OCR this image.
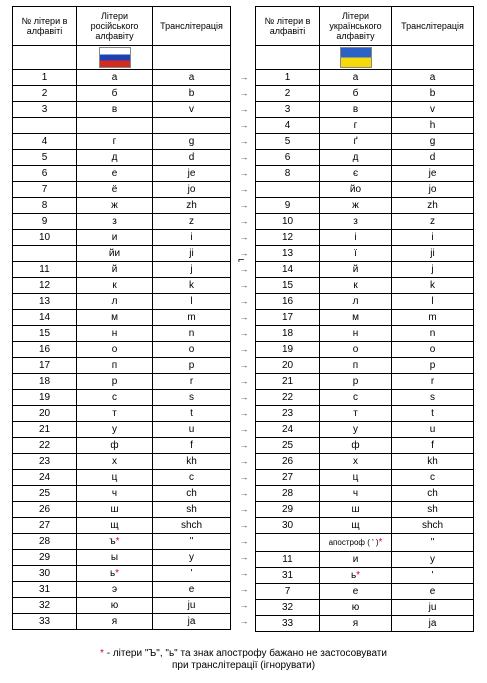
№ літери в алфавіті	Літери російського алфавіту	Транслітерація

1	а	a
2	б	b
3	в	v

4	г	g
5	д	d
6	е	je
7	ё	jo
8	ж	zh
9	з	z
10	и	i
	йи	ji
11	й	j
12	к	k
13	л	l
14	м	m
15	н	n
16	о	o
17	п	p
18	р	r
19	с	s
20	т	t
21	у	u
22	ф	f
23	х	kh
24	ц	c
25	ч	ch
26	ш	sh
27	щ	shch
28	ъ*	"
29	ы	y
30	ь*	'
31	э	e
32	ю	ju
33	я	ja
→
→
→
→
→
→
→
→
→
→
→
→
→
→
→
→
→
→
→
→
→
→
→
→
→
→
→
→
→
→
→
→
→
→
→
⌐
№ літери в алфавіті	Літери українського алфавіту	Транслітерація

1	а	a
2	б	b
3	в	v
4	г	h
5	ґ	g
6	д	d
8	є	je
	йо	jo
9	ж	zh
10	з	z
12	і	i
13	ї	ji
14	й	j
15	к	k
16	л	l
17	м	m
18	н	n
19	о	o
20	п	p
21	р	r
22	с	s
23	т	t
24	у	u
25	ф	f
26	х	kh
27	ц	c
28	ч	ch
29	ш	sh
30	щ	shch
	апостроф ( ' )*	"
11	и	y
31	ь*	'
7	е	e
32	ю	ju
33	я	ja
* - літери "Ъ", "ь" та знак апострофу бажано не застосовувати
при транслітерації (ігнорувати)
